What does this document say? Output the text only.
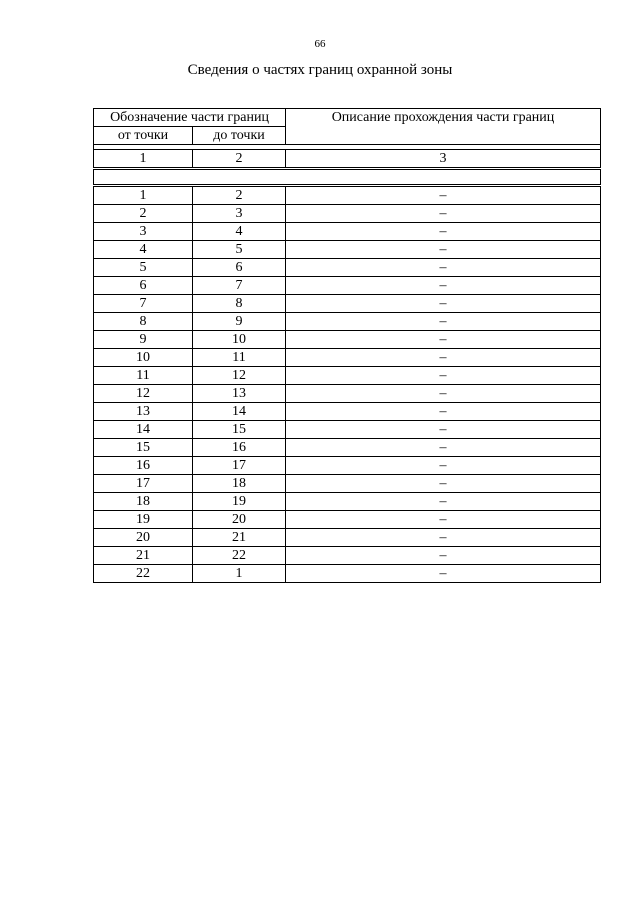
66
Сведения о частях границ охранной зоны
Обозначение части границ		Описание прохождения части границ
от точки	до точки	

1	2	3

1	2	–
2	3	–
3	4	–
4	5	–
5	6	–
6	7	–
7	8	–
8	9	–
9	10	–
10	11	–
11	12	–
12	13	–
13	14	–
14	15	–
15	16	–
16	17	–
17	18	–
18	19	–
19	20	–
20	21	–
21	22	–
22	1	–
